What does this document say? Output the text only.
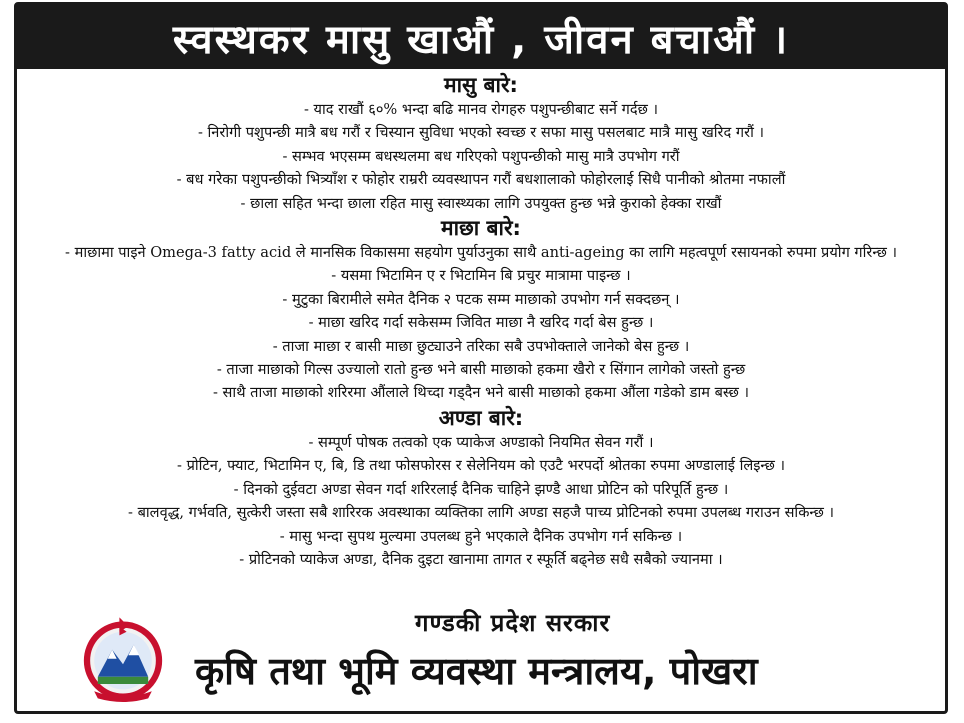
स्वस्थकर मासु खाऔं , जीवन बचाऔं ।
मासु बारे:
- याद राखौं ६०% भन्दा बढि मानव रोगहरु पशुपन्छीबाट सर्ने गर्दछ ।
- निरोगी पशुपन्छी मात्रै बध गरौं र चिस्यान सुविधा भएको स्वच्छ र सफा मासु पसलबाट मात्रै मासु खरिद गरौं ।
- सम्भव भएसम्म बधस्थलमा बध गरिएको पशुपन्छीको मासु मात्रै उपभोग गरौं
- बध गरेका पशुपन्छीको भित्र्याँश र फोहोर राम्ररी व्यवस्थापन गरौं बधशालाको फोहोरलाई सिधै पानीको श्रोतमा नफालौं
- छाला सहित भन्दा छाला रहित मासु स्वास्थ्यका लागि उपयुक्त हुन्छ भन्ने कुराको हेक्का राखौं
माछा बारे:
- माछामा पाइने Omega-3 fatty acid ले मानसिक विकासमा सहयोग पुर्याउनुका साथै anti-ageing का लागि महत्वपूर्ण रसायनको रुपमा प्रयोग गरिन्छ ।
- यसमा भिटामिन ए र भिटामिन बि प्रचुर मात्रामा पाइन्छ ।
- मुटुका बिरामीले समेत दैनिक २ पटक सम्म माछाको उपभोग गर्न सक्दछन् ।
- माछा खरिद गर्दा सकेसम्म जिवित माछा नै खरिद गर्दा बेस हुन्छ ।
- ताजा माछा र बासी माछा छुट्याउने तरिका सबै उपभोक्ताले जानेको बेस हुन्छ ।
- ताजा माछाको गिल्स उज्यालो रातो हुन्छ भने बासी माछाको हकमा खैरो र सिंगान लागेको जस्तो हुन्छ
- साथै ताजा माछाको शरिरमा औंलाले थिच्दा गड्दैन भने बासी माछाको हकमा औंला गडेको डाम बस्छ ।
अण्डा बारे:
- सम्पूर्ण पोषक तत्वको एक प्याकेज अण्डाको नियमित सेवन गरौं ।
- प्रोटिन, फ्याट, भिटामिन ए, बि, डि तथा फोसफोरस र सेलेनियम को एउटै भरपर्दो श्रोतका रुपमा अण्डालाई लिइन्छ ।
- दिनको दुईवटा अण्डा सेवन गर्दा शरिरलाई दैनिक चाहिने झण्डै आधा प्रोटिन को परिपूर्ति हुन्छ ।
- बालवृद्ध, गर्भवति, सुत्केरी जस्ता सबै शारिरक अवस्थाका व्यक्तिका लागि अण्डा सहजै पाच्य प्रोटिनको रुपमा उपलब्ध गराउन सकिन्छ ।
- मासु भन्दा सुपथ मुल्यमा उपलब्ध हुने भएकाले दैनिक उपभोग गर्न सकिन्छ ।
- प्रोटिनको प्याकेज अण्डा, दैनिक दुइटा खानामा तागत र स्फूर्ति बढ्नेछ सधै सबैको ज्यानमा ।
गण्डकी प्रदेश सरकार
कृषि तथा भूमि व्यवस्था मन्त्रालय, पोखरा
